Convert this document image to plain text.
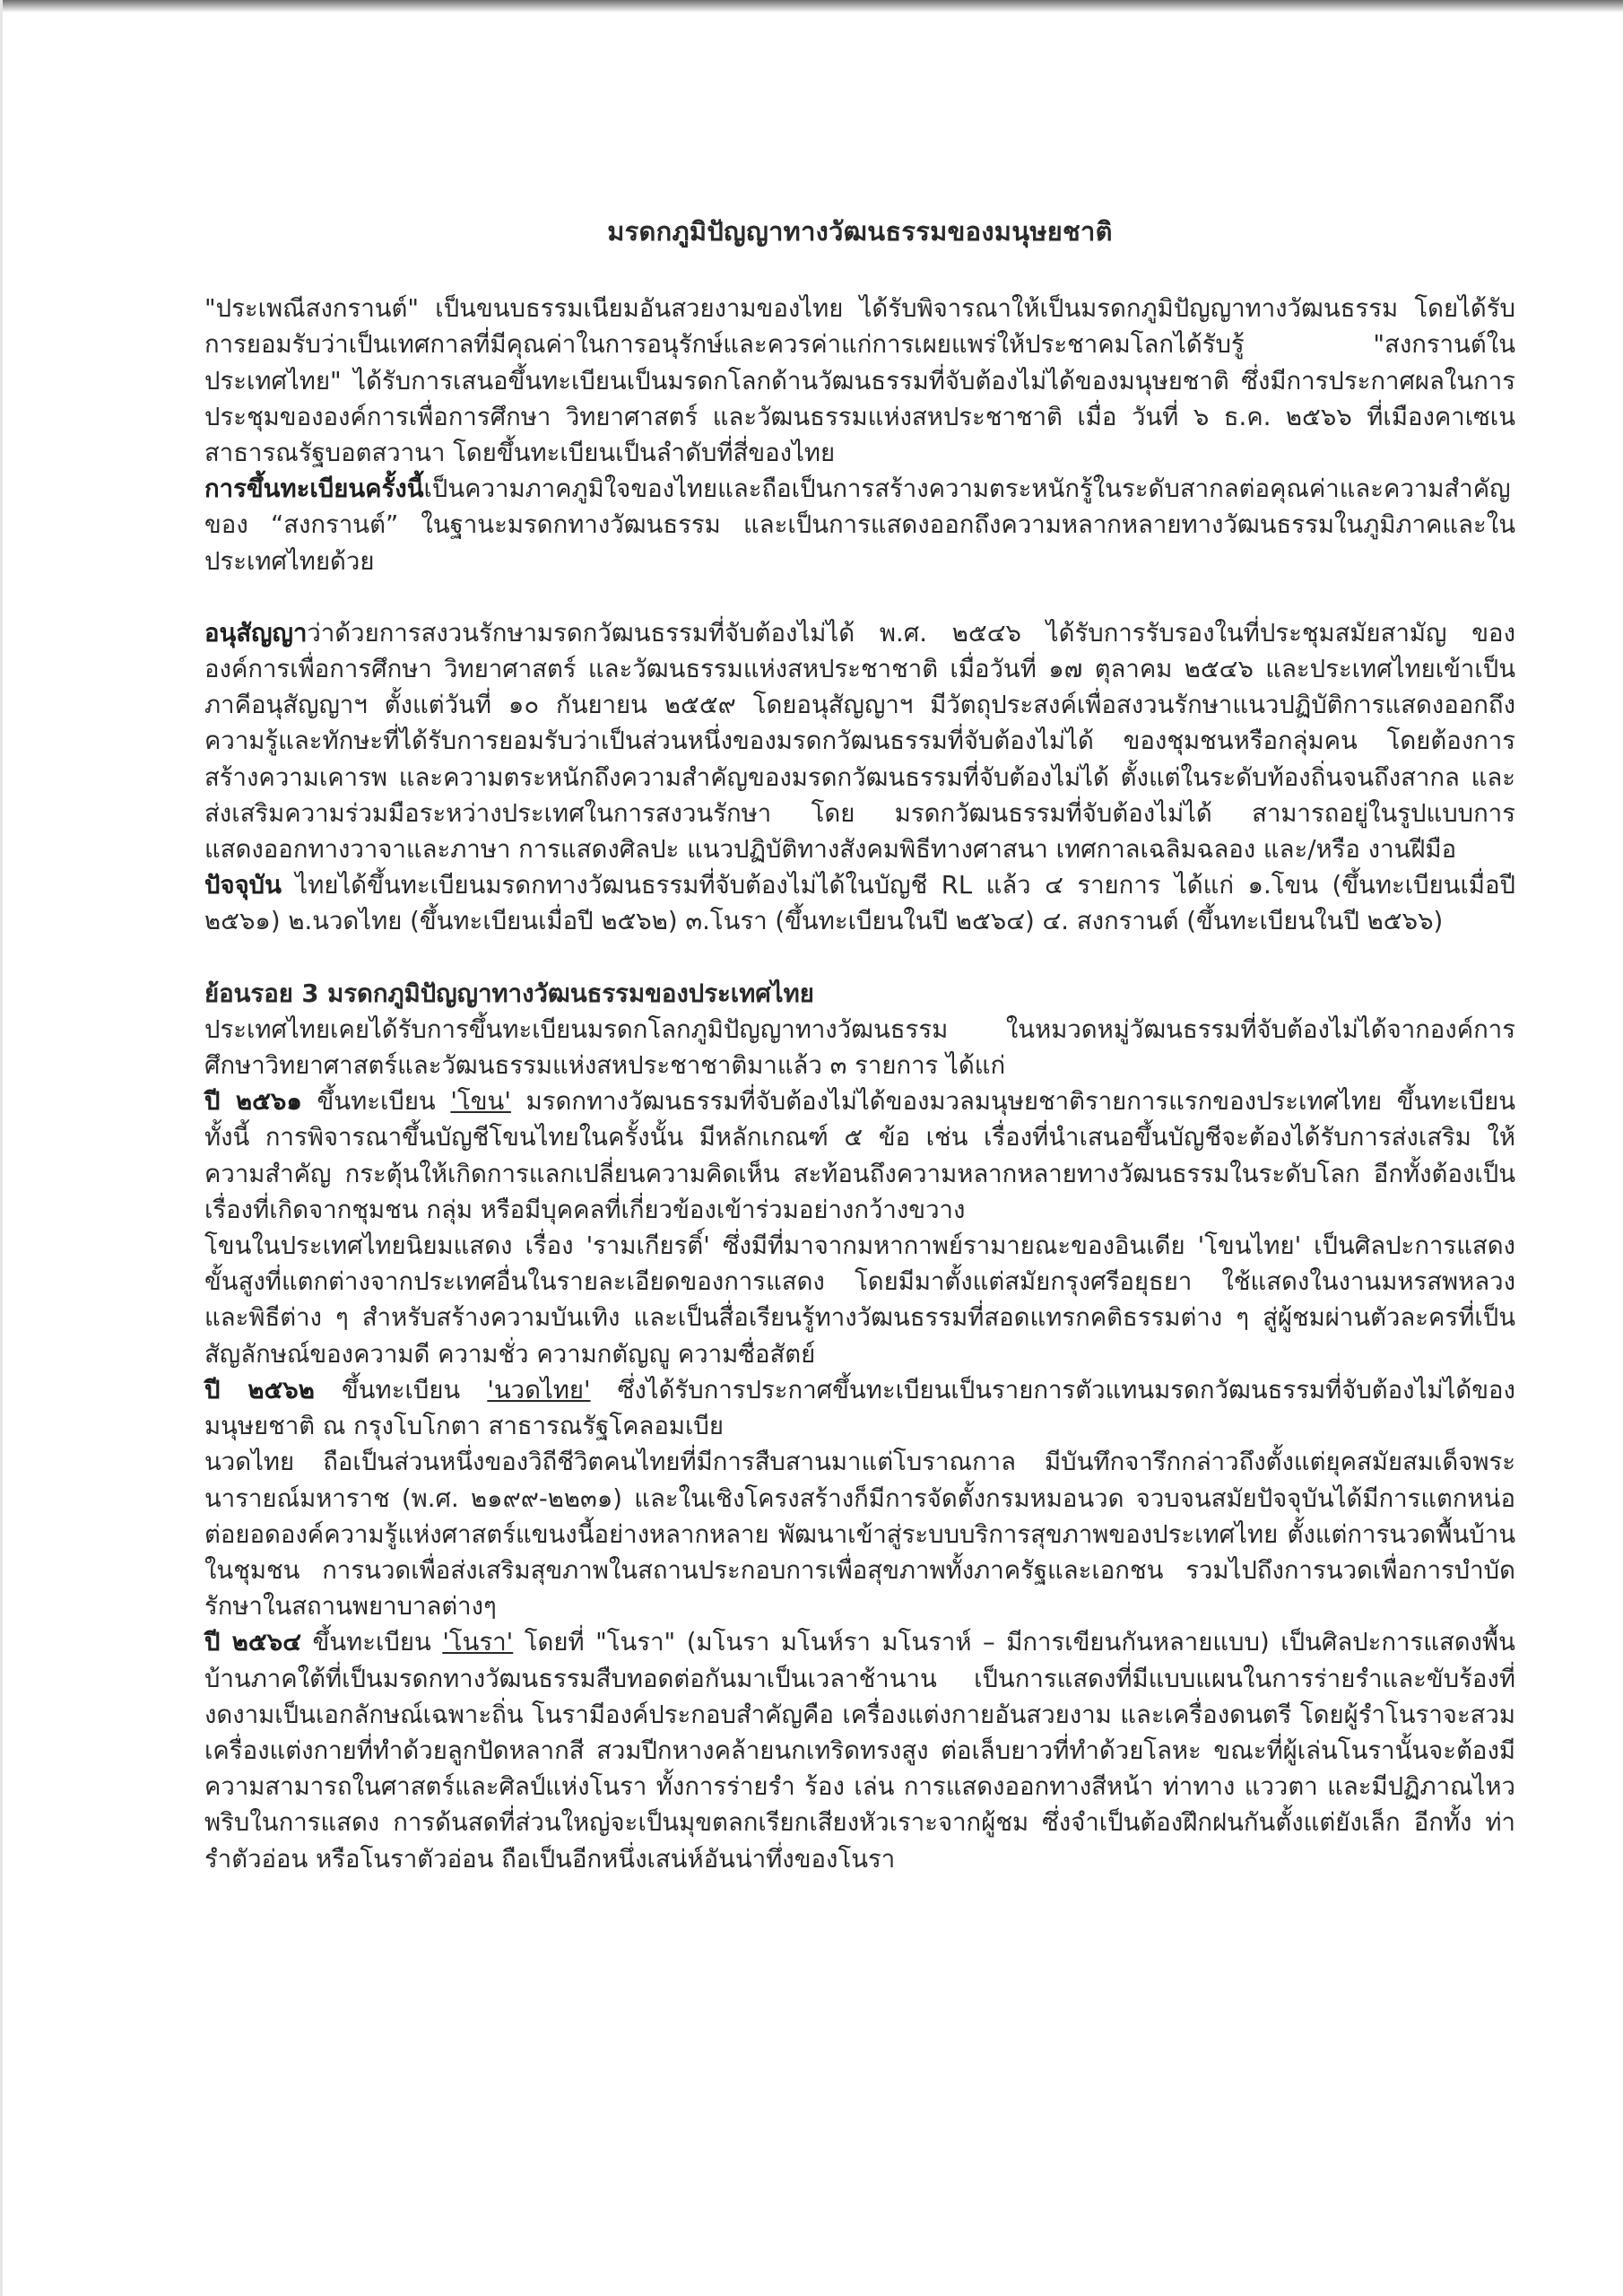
มรดกภูมิปัญญาทางวัฒนธรรมของมนุษยชาติ

"ประเพณีสงกรานต์" เป็นขนบธรรมเนียมอันสวยงามของไทย ได้รับพิจารณาให้เป็นมรดกภูมิปัญญาทางวัฒนธรรม โดยได้รับการยอมรับว่าเป็นเทศกาลที่มีคุณค่าในการอนุรักษ์และควรค่าแก่การเผยแพร่ให้ประชาคมโลกได้รับรู้ "สงกรานต์ในประเทศไทย" ได้รับการเสนอขึ้นทะเบียนเป็นมรดกโลกด้านวัฒนธรรมที่จับต้องไม่ได้ของมนุษยชาติ ซึ่งมีการประกาศผลในการประชุมขององค์การเพื่อการศึกษา วิทยาศาสตร์ และวัฒนธรรมแห่งสหประชาชาติ เมื่อ วันที่ ๖ ธ.ค. ๒๕๖๖ ที่เมืองคาเซเน สาธารณรัฐบอตสวานา โดยขึ้นทะเบียนเป็นลำดับที่สี่ของไทย

การขึ้นทะเบียนครั้งนี้เป็นความภาคภูมิใจของไทยและถือเป็นการสร้างความตระหนักรู้ในระดับสากลต่อคุณค่าและความสำคัญของ “สงกรานต์” ในฐานะมรดกทางวัฒนธรรม และเป็นการแสดงออกถึงความหลากหลายทางวัฒนธรรมในภูมิภาคและในประเทศไทยด้วย

อนุสัญญาว่าด้วยการสงวนรักษามรดกวัฒนธรรมที่จับต้องไม่ได้ พ.ศ. ๒๕๔๖ ได้รับการรับรองในที่ประชุมสมัยสามัญ ขององค์การเพื่อการศึกษา วิทยาศาสตร์ และวัฒนธรรมแห่งสหประชาชาติ เมื่อวันที่ ๑๗ ตุลาคม ๒๕๔๖ และประเทศไทยเข้าเป็นภาคีอนุสัญญาฯ ตั้งแต่วันที่ ๑๐ กันยายน ๒๕๕๙ โดยอนุสัญญาฯ มีวัตถุประสงค์เพื่อสงวนรักษาแนวปฏิบัติการแสดงออกถึงความรู้และทักษะที่ได้รับการยอมรับว่าเป็นส่วนหนึ่งของมรดกวัฒนธรรมที่จับต้องไม่ได้ ของชุมชนหรือกลุ่มคน โดยต้องการสร้างความเคารพ และความตระหนักถึงความสำคัญของมรดกวัฒนธรรมที่จับต้องไม่ได้ ตั้งแต่ในระดับท้องถิ่นจนถึงสากล และส่งเสริมความร่วมมือระหว่างประเทศในการสงวนรักษา โดย มรดกวัฒนธรรมที่จับต้องไม่ได้ สามารถอยู่ในรูปแบบการแสดงออกทางวาจาและภาษา การแสดงศิลปะ แนวปฏิบัติทางสังคมพิธีทางศาสนา เทศกาลเฉลิมฉลอง และ/หรือ งานฝีมือ

ปัจจุบัน ไทยได้ขึ้นทะเบียนมรดกทางวัฒนธรรมที่จับต้องไม่ได้ในบัญชี RL แล้ว ๔ รายการ ได้แก่ ๑.โขน (ขึ้นทะเบียนเมื่อปี ๒๕๖๑) ๒.นวดไทย (ขึ้นทะเบียนเมื่อปี ๒๕๖๒) ๓.โนรา (ขึ้นทะเบียนในปี ๒๕๖๔) ๔. สงกรานต์ (ขึ้นทะเบียนในปี ๒๕๖๖)

ย้อนรอย 3 มรดกภูมิปัญญาทางวัฒนธรรมของประเทศไทย

ประเทศไทยเคยได้รับการขึ้นทะเบียนมรดกโลกภูมิปัญญาทางวัฒนธรรม ในหมวดหมู่วัฒนธรรมที่จับต้องไม่ได้จากองค์การศึกษาวิทยาศาสตร์และวัฒนธรรมแห่งสหประชาชาติมาแล้ว ๓ รายการ ได้แก่

ปี ๒๕๖๑ ขึ้นทะเบียน 'โขน' มรดกทางวัฒนธรรมที่จับต้องไม่ได้ของมวลมนุษยชาติรายการแรกของประเทศไทย ขึ้นทะเบียน ทั้งนี้ การพิจารณาขึ้นบัญชีโขนไทยในครั้งนั้น มีหลักเกณฑ์ ๕ ข้อ เช่น เรื่องที่นำเสนอขึ้นบัญชีจะต้องได้รับการส่งเสริม ให้ความสำคัญ กระตุ้นให้เกิดการแลกเปลี่ยนความคิดเห็น สะท้อนถึงความหลากหลายทางวัฒนธรรมในระดับโลก อีกทั้งต้องเป็นเรื่องที่เกิดจากชุมชน กลุ่ม หรือมีบุคคลที่เกี่ยวข้องเข้าร่วมอย่างกว้างขวาง

โขนในประเทศไทยนิยมแสดง เรื่อง 'รามเกียรติ์' ซึ่งมีที่มาจากมหากาพย์รามายณะของอินเดีย 'โขนไทย' เป็นศิลปะการแสดงขั้นสูงที่แตกต่างจากประเทศอื่นในรายละเอียดของการแสดง โดยมีมาตั้งแต่สมัยกรุงศรีอยุธยา ใช้แสดงในงานมหรสพหลวงและพิธีต่าง ๆ สำหรับสร้างความบันเทิง และเป็นสื่อเรียนรู้ทางวัฒนธรรมที่สอดแทรกคติธรรมต่าง ๆ สู่ผู้ชมผ่านตัวละครที่เป็นสัญลักษณ์ของความดี ความชั่ว ความกตัญญู ความซื่อสัตย์

ปี ๒๕๖๒ ขึ้นทะเบียน 'นวดไทย' ซึ่งได้รับการประกาศขึ้นทะเบียนเป็นรายการตัวแทนมรดกวัฒนธรรมที่จับต้องไม่ได้ของมนุษยชาติ ณ กรุงโบโกตา สาธารณรัฐโคลอมเบีย

นวดไทย ถือเป็นส่วนหนึ่งของวิถีชีวิตคนไทยที่มีการสืบสานมาแต่โบราณกาล มีบันทึกจารึกกล่าวถึงตั้งแต่ยุคสมัยสมเด็จพระนารายณ์มหาราช (พ.ศ. ๒๑๙๙-๒๒๓๑) และในเชิงโครงสร้างก็มีการจัดตั้งกรมหมอนวด จวบจนสมัยปัจจุบันได้มีการแตกหน่อต่อยอดองค์ความรู้แห่งศาสตร์แขนงนี้อย่างหลากหลาย พัฒนาเข้าสู่ระบบบริการสุขภาพของประเทศไทย ตั้งแต่การนวดพื้นบ้านในชุมชน การนวดเพื่อส่งเสริมสุขภาพในสถานประกอบการเพื่อสุขภาพทั้งภาครัฐและเอกชน รวมไปถึงการนวดเพื่อการบำบัดรักษาในสถานพยาบาลต่างๆ

ปี ๒๕๖๔ ขึ้นทะเบียน 'โนรา' โดยที่ "โนรา" (มโนรา มโนห์รา มโนราห์ – มีการเขียนกันหลายแบบ) เป็นศิลปะการแสดงพื้นบ้านภาคใต้ที่เป็นมรดกทางวัฒนธรรมสืบทอดต่อกันมาเป็นเวลาช้านาน เป็นการแสดงที่มีแบบแผนในการร่ายรำและขับร้องที่งดงามเป็นเอกลักษณ์เฉพาะถิ่น โนรามีองค์ประกอบสำคัญคือ เครื่องแต่งกายอันสวยงาม และเครื่องดนตรี โดยผู้รำโนราจะสวมเครื่องแต่งกายที่ทำด้วยลูกปัดหลากสี สวมปีกหางคล้ายนกเทริดทรงสูง ต่อเล็บยาวที่ทำด้วยโลหะ ขณะที่ผู้เล่นโนรานั้นจะต้องมีความสามารถในศาสตร์และศิลป์แห่งโนรา ทั้งการร่ายรำ ร้อง เล่น การแสดงออกทางสีหน้า ท่าทาง แววตา และมีปฏิภาณไหวพริบในการแสดง การด้นสดที่ส่วนใหญ่จะเป็นมุขตลกเรียกเสียงหัวเราะจากผู้ชม ซึ่งจำเป็นต้องฝึกฝนกันตั้งแต่ยังเล็ก อีกทั้ง ท่ารำตัวอ่อน หรือโนราตัวอ่อน ถือเป็นอีกหนึ่งเสน่ห์อันน่าทึ่งของโนรา
